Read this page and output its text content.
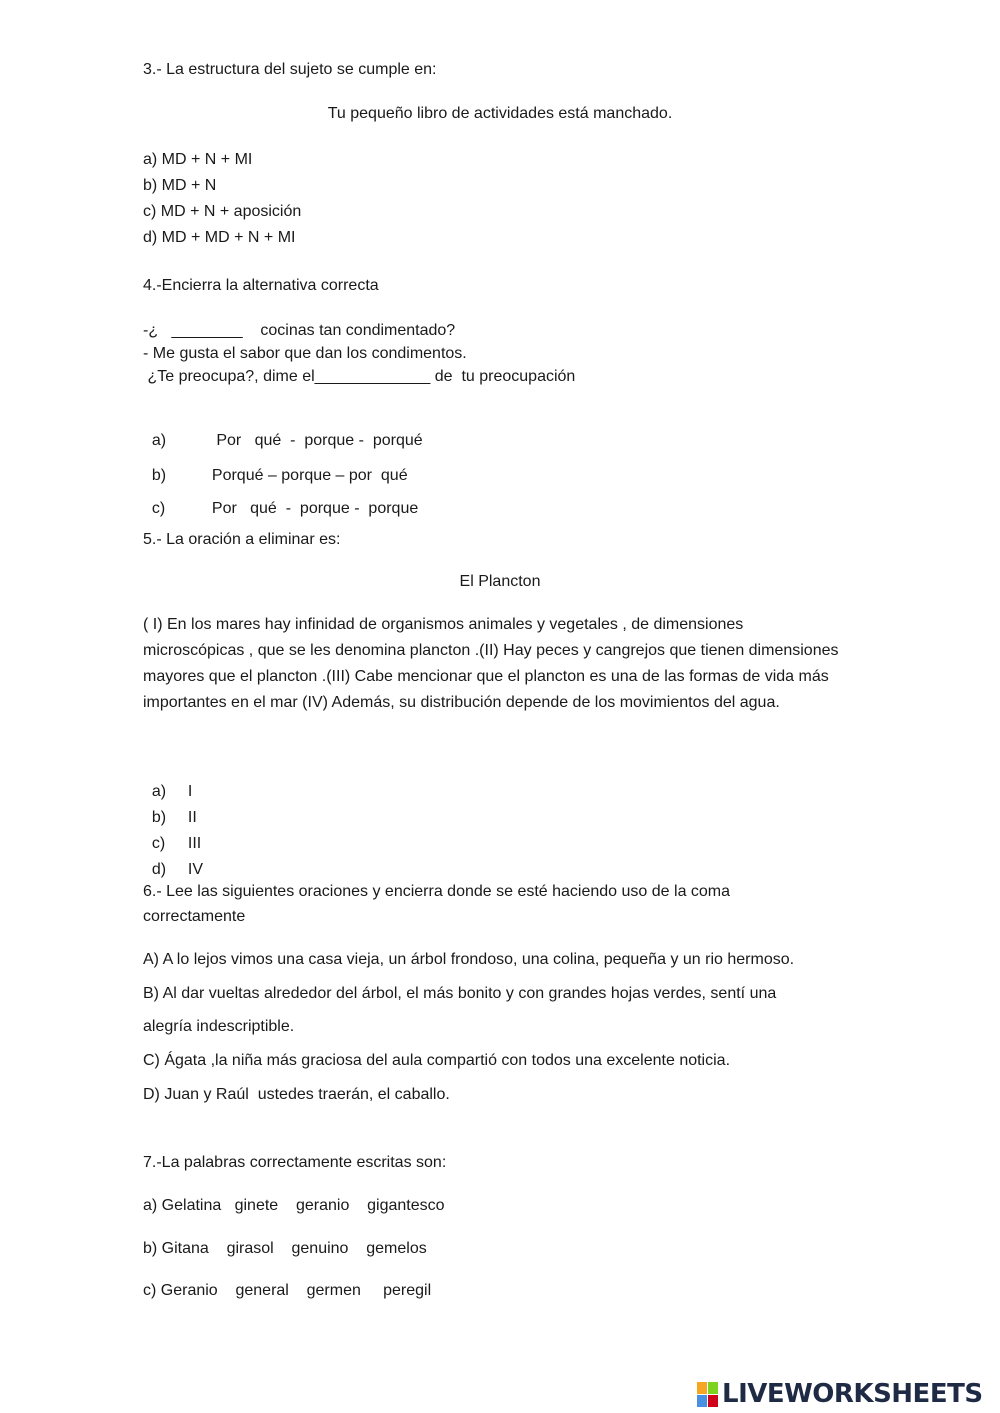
3.- La estructura del sujeto se cumple en:
Tu pequeño libro de actividades está manchado.
a) MD + N + MI
b) MD + N
c) MD + N + aposición
d) MD + MD + N + MI
4.-Encierra la alternativa correcta
-¿   ________    cocinas tan condimentado?
- Me gusta el sabor que dan los condimentos.
¿Te preocupa?, dime el_____________ de  tu preocupación

a)	Por   qué  -  porque -  porqué

b)	Porqué – porque – por  qué

c)	Por   qué  -  porque -  porque

5.- La oración a eliminar es:
El Plancton
( I) En los mares hay infinidad de organismos animales y vegetales , de dimensiones microscópicas , que se les denomina plancton .(II) Hay peces y cangrejos que tienen dimensiones mayores que el plancton .(III) Cabe mencionar que el plancton es una de las formas de vida más importantes en el mar (IV) Además, su distribución depende de los movimientos del agua.

a) I

b) II

c) III

d) IV

6.- Lee las siguientes oraciones y encierra donde se esté haciendo uso de la coma
correctamente
A) A lo lejos vimos una casa vieja, un árbol frondoso, una colina, pequeña y un rio hermoso.
B) Al dar vueltas alrededor del árbol, el más bonito y con grandes hojas verdes, sentí una
alegría indescriptible.
C) Ágata ,la niña más graciosa del aula compartió con todos una excelente noticia.
D) Juan y Raúl  ustedes traerán, el caballo.
7.-La palabras correctamente escritas son:
a) Gelatina   ginete    geranio    gigantesco
b) Gitana    girasol    genuino    gemelos
c) Geranio    general    germen     peregil
LIVEWORKSHEETS
